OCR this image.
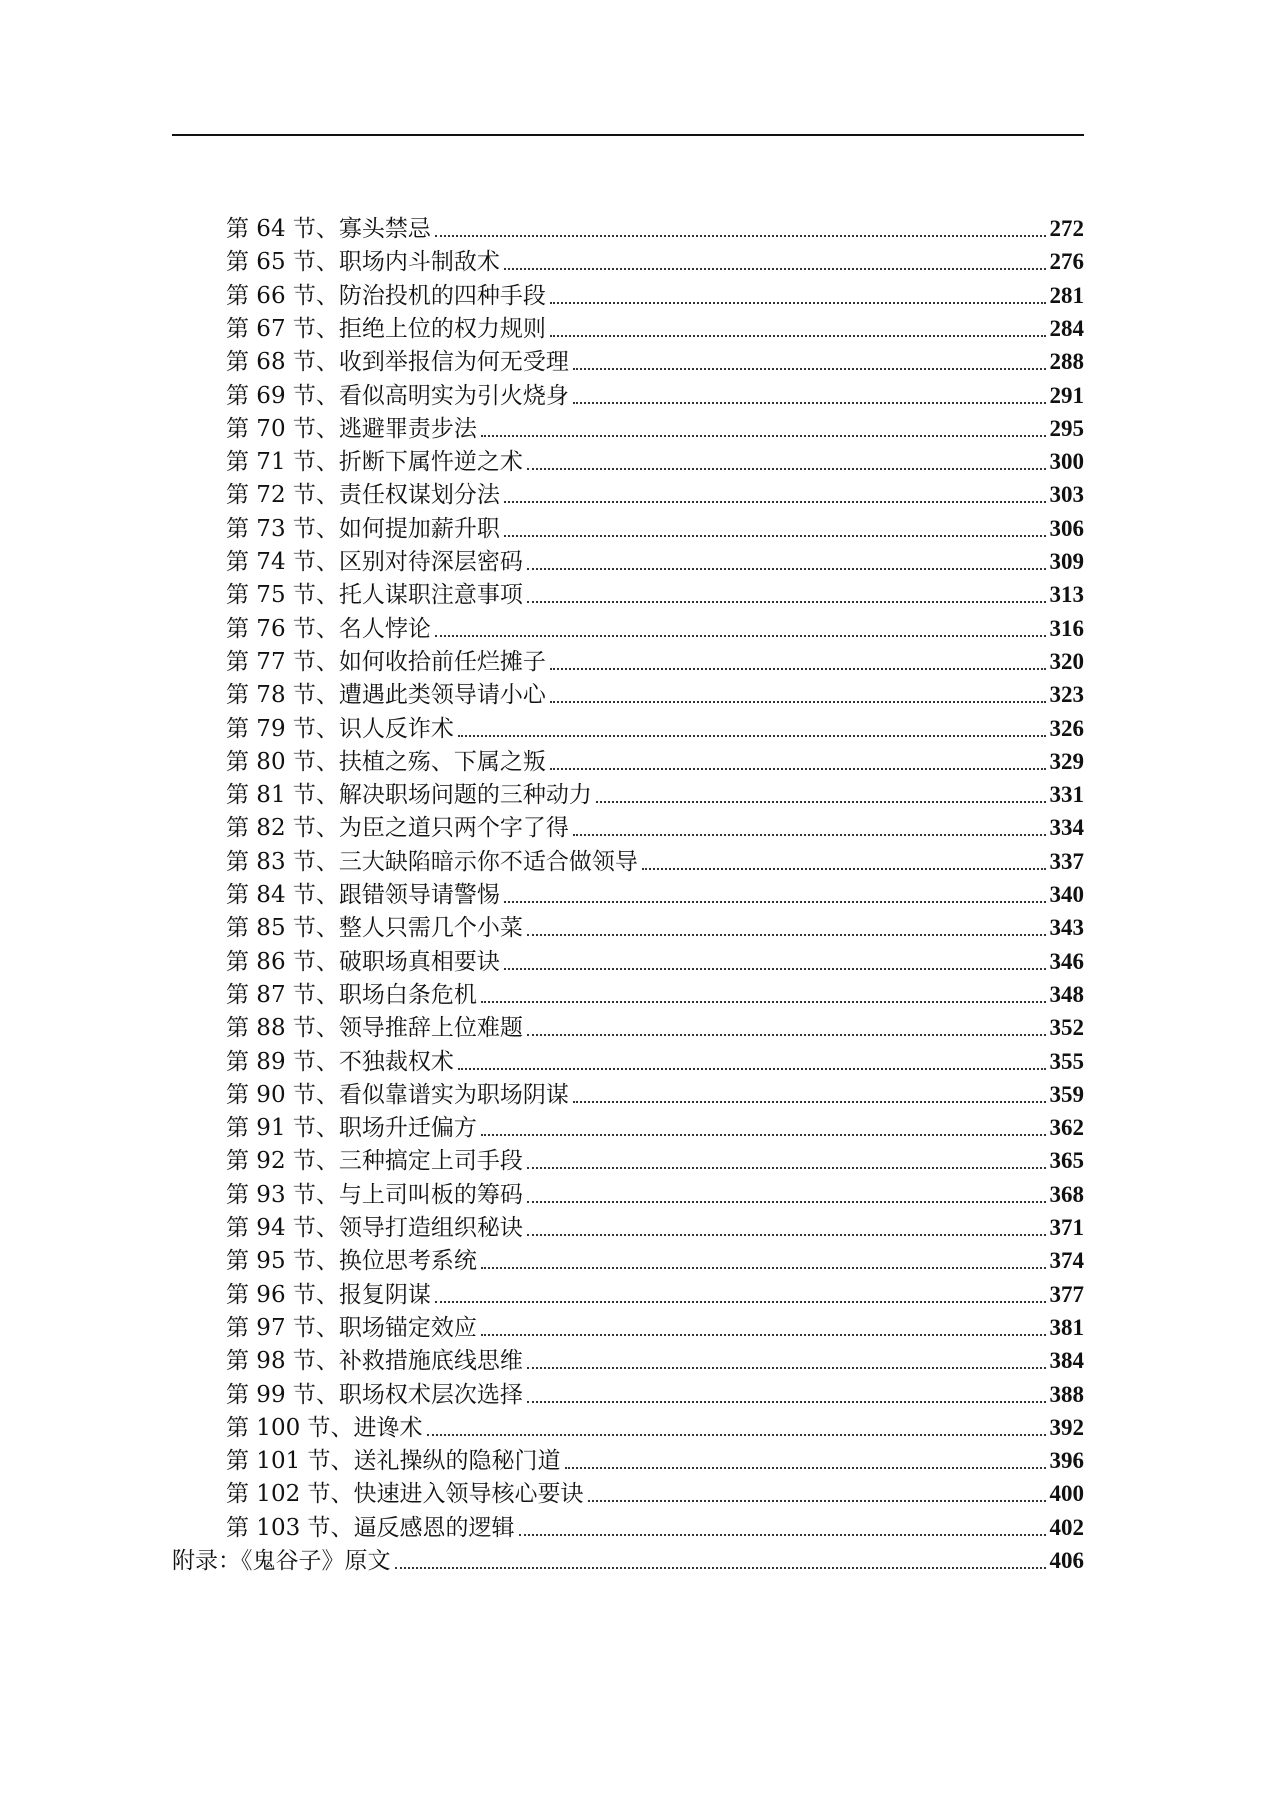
第 64 节、寡头禁忌	272
第 65 节、职场内斗制敌术	276
第 66 节、防治投机的四种手段	281
第 67 节、拒绝上位的权力规则	284
第 68 节、收到举报信为何无受理	288
第 69 节、看似高明实为引火烧身	291
第 70 节、逃避罪责步法	295
第 71 节、折断下属忤逆之术	300
第 72 节、责任权谋划分法	303
第 73 节、如何提加薪升职	306
第 74 节、区别对待深层密码	309
第 75 节、托人谋职注意事项	313
第 76 节、名人悖论	316
第 77 节、如何收拾前任烂摊子	320
第 78 节、遭遇此类领导请小心	323
第 79 节、识人反诈术	326
第 80 节、扶植之殇、下属之叛	329
第 81 节、解决职场问题的三种动力	331
第 82 节、为臣之道只两个字了得	334
第 83 节、三大缺陷暗示你不适合做领导	337
第 84 节、跟错领导请警惕	340
第 85 节、整人只需几个小菜	343
第 86 节、破职场真相要诀	346
第 87 节、职场白条危机	348
第 88 节、领导推辞上位难题	352
第 89 节、不独裁权术	355
第 90 节、看似靠谱实为职场阴谋	359
第 91 节、职场升迁偏方	362
第 92 节、三种搞定上司手段	365
第 93 节、与上司叫板的筹码	368
第 94 节、领导打造组织秘诀	371
第 95 节、换位思考系统	374
第 96 节、报复阴谋	377
第 97 节、职场锚定效应	381
第 98 节、补救措施底线思维	384
第 99 节、职场权术层次选择	388
第 100 节、进谗术	392
第 101 节、送礼操纵的隐秘门道	396
第 102 节、快速进入领导核心要诀	400
第 103 节、逼反感恩的逻辑	402
附录：《鬼谷子》原文	406
